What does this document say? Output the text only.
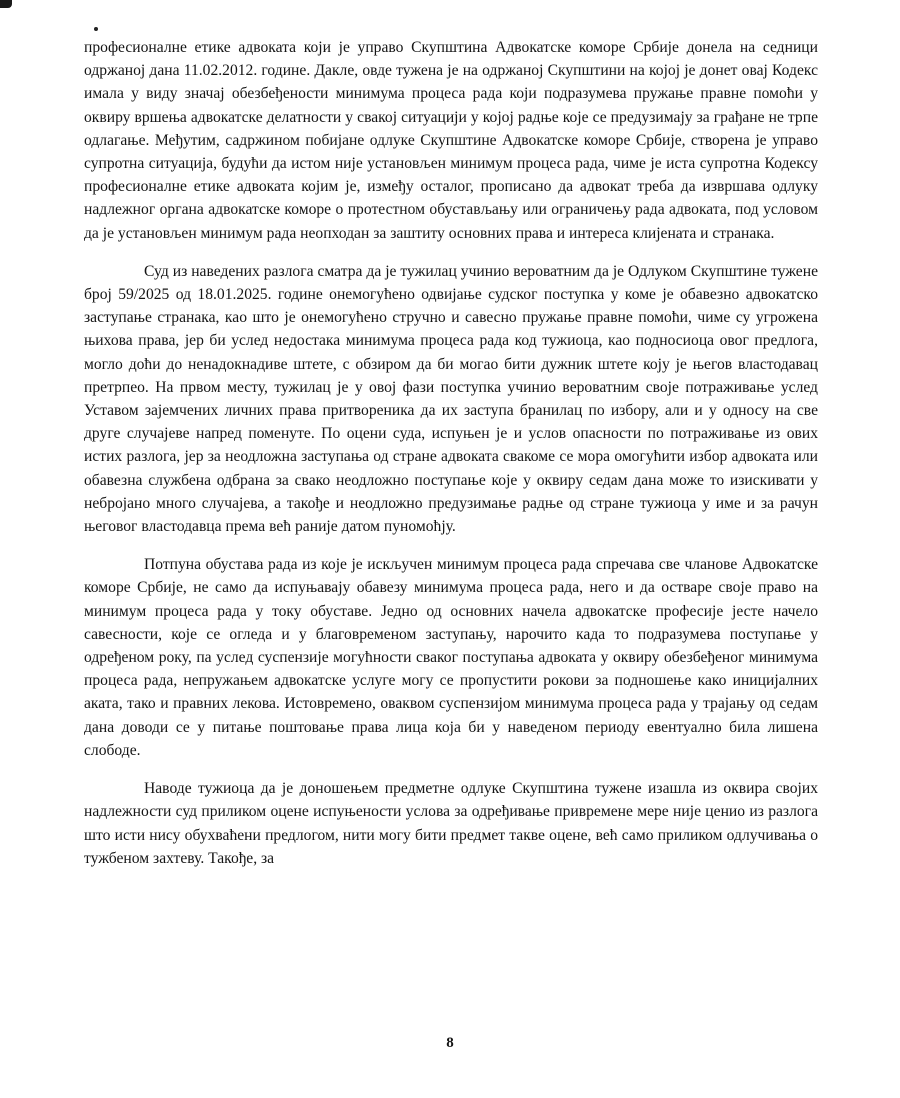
професионалне етике адвоката који је управо Скупштина Адвокатске коморе Србије донела на седници одржаној дана 11.02.2012. године. Дакле, овде тужена је на одржаној Скупштини на којој је донет овај Кодекс имала у виду значај обезбеђености минимума процеса рада који подразумева пружање правне помоћи у оквиру вршења адвокатске делатности у свакој ситуацији у којој радње које се предузимају за грађане не трпе одлагање. Међутим, садржином побијане одлуке Скупштине Адвокатске коморе Србије, створена је управо супротна ситуација, будући да истом није установљен минимум процеса рада, чиме је иста супротна Кодексу професионалне етике адвоката којим је, између осталог, прописано да адвокат треба да извршава одлуку надлежног органа адвокатске коморе о протестном обустављању или ограничењу рада адвоката, под условом да је установљен минимум рада неопходан за заштиту основних права и интереса клијената и странака.

Суд из наведених разлога сматра да је тужилац учинио вероватним да је Одлуком Скупштине тужене број 59/2025 од 18.01.2025. године онемогућено одвијање судског поступка у коме је обавезно адвокатско заступање странака, као што је онемогућено стручно и савесно пружање правне помоћи, чиме су угрожена њихова права, јер би услед недостака минимума процеса рада код тужиоца, као подносиоца овог предлога, могло доћи до ненадокнадиве штете, с обзиром да би могао бити дужник штете коју је његов властодавац претрпео. На првом месту, тужилац је у овој фази поступка учинио вероватним своје потраживање услед Уставом зајемчених личних права притвореника да их заступа бранилац по избору, али и у односу на све друге случајеве напред поменуте. По оцени суда, испуњен је и услов опасности по потраживање из ових истих разлога, јер за неодложна заступања од стране адвоката свакоме се мора омогућити избор адвоката или обавезна службена одбрана за свако неодложно поступање које у оквиру седам дана може то изискивати у небројано много случајева, а такође и неодложно предузимање радње од стране тужиоца у име и за рачун његовог властодавца према већ раније датом пуномоћју.

Потпуна обустава рада из које је искључен минимум процеса рада спречава све чланове Адвокатске коморе Србије, не само да испуњавају обавезу минимума процеса рада, него и да остваре своје право на минимум процеса рада у току обуставе. Једно од основних начела адвокатске професије јесте начело савесности, које се огледа и у благовременом заступању, нарочито када то подразумева поступање у одређеном року, па услед суспензије могућности сваког поступања адвоката у оквиру обезбеђеног минимума процеса рада, непружањем адвокатске услуге могу се пропустити рокови за подношење како иницијалних аката, тако и правних лекова. Истовремено, оваквом суспензијом минимума процеса рада у трајању од седам дана доводи се у питање поштовање права лица која би у наведеном периоду евентуално била лишена слободе.

Наводе тужиоца да је доношењем предметне одлуке Скупштина тужене изашла из оквира својих надлежности суд приликом оцене испуњености услова за одређивање привремене мере није ценио из разлога што исти нису обухваћени предлогом, нити могу бити предмет такве оцене, већ само приликом одлучивања о тужбеном захтеву. Такође, за

8
